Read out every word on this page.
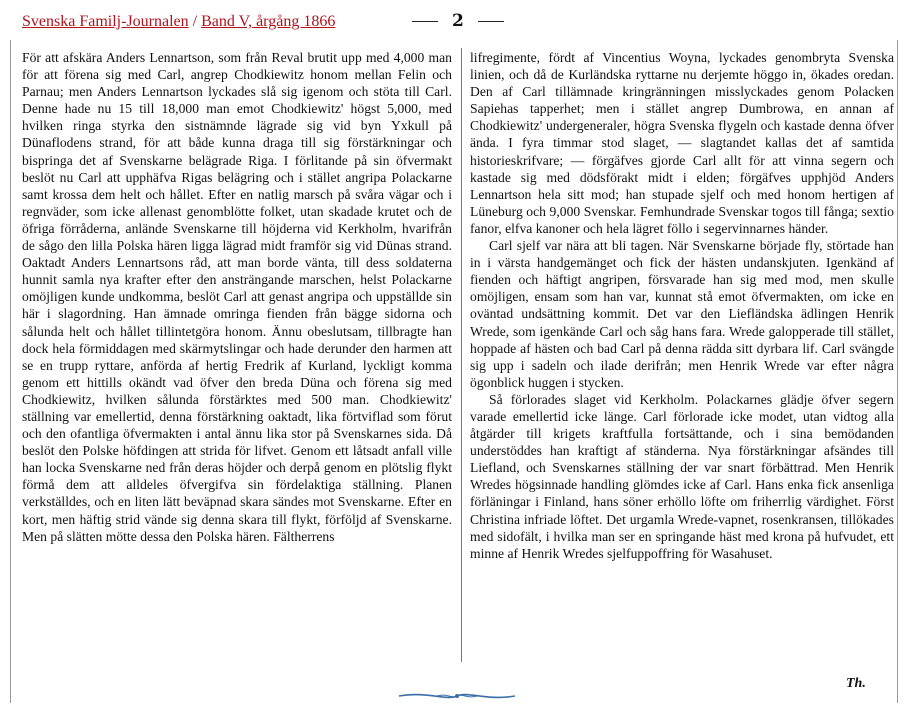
Svenska Familj-Journalen / Band V, årgång 1866	2

För att afskära Anders Lennartson, som från Reval brutit upp med 4,000 man för att förena sig med Carl, angrep Chodkiewitz honom mellan Felin och Parnau; men Anders Lennartson lyckades slå sig igenom och stöta till Carl. Denne hade nu 15 till 18,000 man emot Chodkiewitz' högst 5,000, med hvilken ringa styrka den sistnämnde lägrade sig vid byn Yxkull på Dünaflodens strand, för att både kunna draga till sig förstärkningar och bispringa det af Svenskarne belägrade Riga. I förlitande på sin öfvermakt beslöt nu Carl att upphäfva Rigas belägring och i stället angripa Polackarne samt krossa dem helt och hållet. Efter en natlig marsch på svåra vägar och i regnväder, som icke allenast genomblötte folket, utan skadade krutet och de öfriga förråderna, anlände Svenskarne till höjderna vid Kerkholm, hvarifrån de sågo den lilla Polska hären ligga lägrad midt framför sig vid Dünas strand. Oaktadt Anders Lennartsons råd, att man borde vänta, till dess soldaterna hunnit samla nya krafter efter den ansträngande marschen, helst Polackarne omöjligen kunde undkomma, beslöt Carl att genast angripa och uppställde sin här i slagordning. Han ämnade omringa fienden från bägge sidorna och sålunda helt och hållet tillintetgöra honom. Ännu obeslutsam, tillbragte han dock hela förmiddagen med skärmytslingar och hade derunder den harmen att se en trupp ryttare, anförda af hertig Fredrik af Kurland, lyckligt komma genom ett hittills okändt vad öfver den breda Düna och förena sig med Chodkiewitz, hvilken sålunda förstärktes med 500 man. Chodkiewitz' ställning var emellertid, denna förstärkning oaktadt, lika förtviflad som förut och den ofantliga öfvermakten i antal ännu lika stor på Svenskarnes sida. Då beslöt den Polske höfdingen att strida för lifvet. Genom ett låtsadt anfall ville han locka Svenskarne ned från deras höjder och derpå genom en plötslig flykt förmå dem att alldeles öfvergifva sin fördelaktiga ställning. Planen verkställdes, och en liten lätt beväpnad skara sändes mot Svenskarne. Efter en kort, men häftig strid vände sig denna skara till flykt, förföljd af Svenskarne. Men på slätten mötte dessa den Polska hären. Fältherrens

lifregimente, fördt af Vincentius Woyna, lyckades genombryta Svenska linien, och då de Kurländska ryttarne nu derjemte höggo in, ökades oredan. Den af Carl tillämnade kringränningen misslyckades genom Polacken Sapiehas tapperhet; men i stället angrep Dumbrowa, en annan af Chodkiewitz' undergeneraler, högra Svenska flygeln och kastade denna öfver ända. I fyra timmar stod slaget, — slagtandet kallas det af samtida historieskrifvare; — förgäfves gjorde Carl allt för att vinna segern och kastade sig med dödsförakt midt i elden; förgäfves upphjöd Anders Lennartson hela sitt mod; han stupade sjelf och med honom hertigen af Lüneburg och 9,000 Svenskar. Femhundrade Svenskar togos till fånga; sextio fanor, elfva kanoner och hela lägret föllo i segervinnarnes händer.

Carl sjelf var nära att bli tagen. När Svenskarne började fly, störtade han in i värsta handgemänget och fick der hästen undanskjuten. Igenkänd af fienden och häftigt angripen, försvarade han sig med mod, men skulle omöjligen, ensam som han var, kunnat stå emot öfvermakten, om icke en oväntad undsättning kommit. Det var den Liefländska ädlingen Henrik Wrede, som igenkände Carl och såg hans fara. Wrede galopperade till stället, hoppade af hästen och bad Carl på denna rädda sitt dyrbara lif. Carl svängde sig upp i sadeln och ilade derifrån; men Henrik Wrede var efter några ögonblick huggen i stycken.

Så förlorades slaget vid Kerkholm. Polackarnes glädje öfver segern varade emellertid icke länge. Carl förlorade icke modet, utan vidtog alla åtgärder till krigets kraftfulla fortsättande, och i sina bemödanden understöddes han kraftigt af ständerna. Nya förstärkningar afsändes till Liefland, och Svenskarnes ställning der var snart förbättrad. Men Henrik Wredes högsinnade handling glömdes icke af Carl. Hans enka fick ansenliga förläningar i Finland, hans söner erhöllo löfte om friherrlig värdighet. Först Christina infriade löftet. Det urgamla Wrede-vapnet, rosenkransen, tillökades med sidofält, i hvilka man ser en springande häst med krona på hufvudet, ett minne af Henrik Wredes sjelfuppoffring för Wasahuset.

Th.
